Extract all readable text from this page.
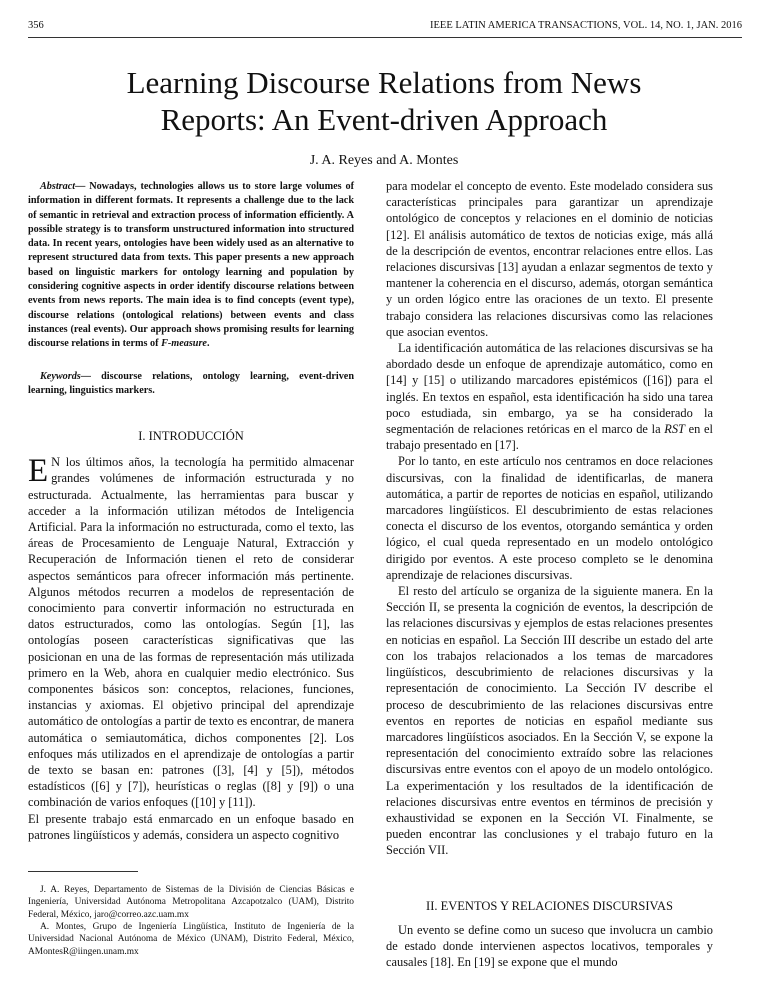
356	IEEE LATIN AMERICA TRANSACTIONS, VOL. 14, NO. 1, JAN. 2016
Learning Discourse Relations from News
Reports: An Event-driven Approach
J. A. Reyes and A. Montes

Abstract— Nowadays, technologies allows us to store large volumes of information in different formats. It represents a challenge due to the lack of semantic in retrieval and extraction process of information efficiently. A possible strategy is to transform unstructured information into structured data. In recent years, ontologies have been widely used as an alternative to represent structured data from texts. This paper presents a new approach based on linguistic markers for ontology learning and population by considering cognitive aspects in order identify discourse relations between events from news reports. The main idea is to find concepts (event type), discourse relations (ontological relations) between events and class instances (real events). Our approach shows promising results for learning discourse relations in terms of F-measure.

Keywords— discourse relations, ontology learning, event-driven learning, linguistics markers.

I. INTRODUCCIÓN

E N los últimos años, la tecnología ha permitido almacenar grandes volúmenes de información estructurada y no estructurada. Actualmente, las herramientas para buscar y acceder a la información utilizan métodos de Inteligencia Artificial. Para la información no estructurada, como el texto, las áreas de Procesamiento de Lenguaje Natural, Extracción y Recuperación de Información tienen el reto de considerar aspectos semánticos para ofrecer información más pertinente. Algunos métodos recurren a modelos de representación de conocimiento para convertir información no estructurada en datos estructurados, como las ontologías. Según [1], las ontologías poseen características significativas que las posicionan en una de las formas de representación más utilizada primero en la Web, ahora en cualquier medio electrónico. Sus componentes básicos son: conceptos, relaciones, funciones, instancias y axiomas. El objetivo principal del aprendizaje automático de ontologías a partir de texto es encontrar, de manera automática o semiautomática, dichos componentes [2]. Los enfoques más utilizados en el aprendizaje de ontologías a partir de texto se basan en: patrones ([3], [4] y [5]), métodos estadísticos ([6] y [7]), heurísticas o reglas ([8] y [9]) o una combinación de varios enfoques ([10] y [11]).

El presente trabajo está enmarcado en un enfoque basado en patrones lingüísticos y además, considera un aspecto cognitivo

J. A. Reyes, Departamento de Sistemas de la División de Ciencias Básicas e Ingeniería, Universidad Autónoma Metropolitana Azcapotzalco (UAM), Distrito Federal, México, jaro@correo.azc.uam.mx

A. Montes, Grupo de Ingeniería Lingüística, Instituto de Ingeniería de la Universidad Nacional Autónoma de México (UNAM), Distrito Federal, México, AMontesR@iingen.unam.mx

para modelar el concepto de evento. Este modelado considera sus características principales para garantizar un aprendizaje ontológico de conceptos y relaciones en el dominio de noticias [12]. El análisis automático de textos de noticias exige, más allá de la descripción de eventos, encontrar relaciones entre ellos. Las relaciones discursivas [13] ayudan a enlazar segmentos de texto y mantener la coherencia en el discurso, además, otorgan semántica y un orden lógico entre las oraciones de un texto. El presente trabajo considera las relaciones discursivas como las relaciones que asocian eventos.

La identificación automática de las relaciones discursivas se ha abordado desde un enfoque de aprendizaje automático, como en [14] y [15] o utilizando marcadores epistémicos ([16]) para el inglés. En textos en español, esta identificación ha sido una tarea poco estudiada, sin embargo, ya se ha considerado la segmentación de relaciones retóricas en el marco de la RST en el trabajo presentado en [17].

Por lo tanto, en este artículo nos centramos en doce relaciones discursivas, con la finalidad de identificarlas, de manera automática, a partir de reportes de noticias en español, utilizando marcadores lingüísticos. El descubrimiento de estas relaciones conecta el discurso de los eventos, otorgando semántica y orden lógico, el cual queda representado en un modelo ontológico dirigido por eventos. A este proceso completo se le denomina aprendizaje de relaciones discursivas.

El resto del artículo se organiza de la siguiente manera. En la Sección II, se presenta la cognición de eventos, la descripción de las relaciones discursivas y ejemplos de estas relaciones presentes en noticias en español. La Sección III describe un estado del arte con los trabajos relacionados a los temas de marcadores lingüísticos, descubrimiento de relaciones discursivas y la representación de conocimiento. La Sección IV describe el proceso de descubrimiento de las relaciones discursivas entre eventos en reportes de noticias en español mediante sus marcadores lingüísticos asociados. En la Sección V, se expone la representación del conocimiento extraído sobre las relaciones discursivas entre eventos con el apoyo de un modelo ontológico. La experimentación y los resultados de la identificación de relaciones discursivas entre eventos en términos de precisión y exhaustividad se exponen en la Sección VI. Finalmente, se pueden encontrar las conclusiones y el trabajo futuro en la Sección VII.

II. EVENTOS Y RELACIONES DISCURSIVAS

Un evento se define como un suceso que involucra un cambio de estado donde intervienen aspectos locativos, temporales y causales [18]. En [19] se expone que el mundo
